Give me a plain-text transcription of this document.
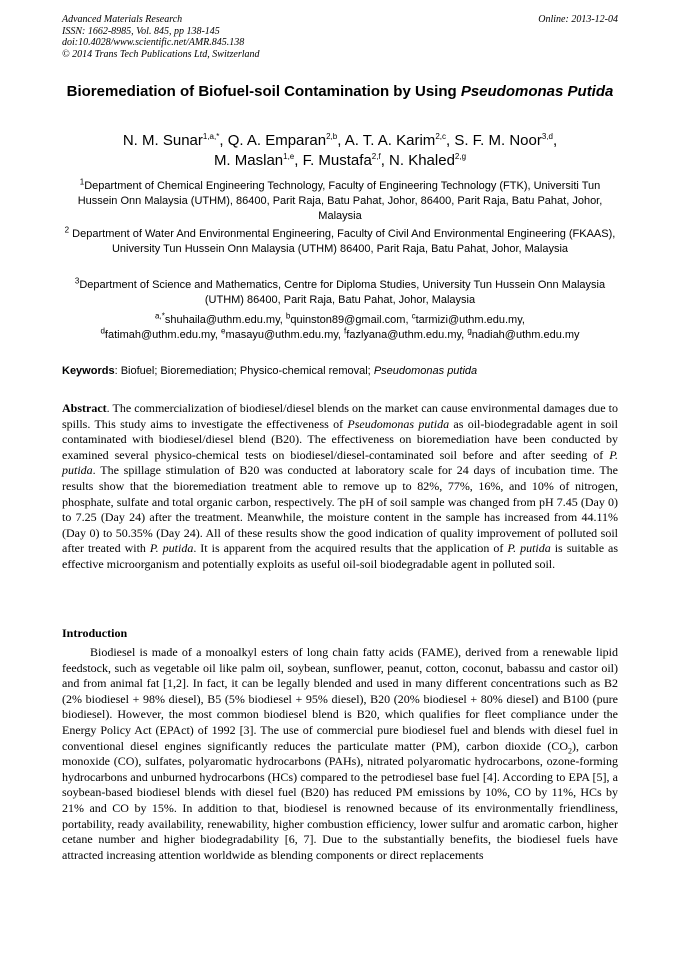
Advanced Materials Research
ISSN: 1662-8985, Vol. 845, pp 138-145
doi:10.4028/www.scientific.net/AMR.845.138
© 2014 Trans Tech Publications Ltd, Switzerland
Online: 2013-12-04
Bioremediation of Biofuel-soil Contamination by Using Pseudomonas Putida
N. M. Sunar$^{1,a,*}$, Q. A. Emparan$^{2,b}$, A. T. A. Karim$^{2,c}$, S. F. M. Noor$^{3,d}$,
M. Maslan$^{1,e}$, F. Mustafa$^{2,f}$, N. Khaled$^{2,g}$
$^1$Department of Chemical Engineering Technology, Faculty of Engineering Technology (FTK), Universiti Tun Hussein Onn Malaysia (UTHM), 86400, Parit Raja, Batu Pahat, Johor, 86400, Parit Raja, Batu Pahat, Johor, Malaysia
$^2$ Department of Water And Environmental Engineering, Faculty of Civil And Environmental Engineering (FKAAS), University Tun Hussein Onn Malaysia (UTHM) 86400, Parit Raja, Batu Pahat, Johor, Malaysia
$^3$Department of Science and Mathematics, Centre for Diploma Studies, University Tun Hussein Onn Malaysia (UTHM) 86400, Parit Raja, Batu Pahat, Johor, Malaysia
$^{a,*}$shuhaila@uthm.edu.my, $^b$quinston89@gmail.com, $^c$tarmizi@uthm.edu.my,
$^d$fatimah@uthm.edu.my, $^e$masayu@uthm.edu.my, $^f$fazlyana@uthm.edu.my, $^g$nadiah@uthm.edu.my
Keywords: Biofuel; Bioremediation; Physico-chemical removal; Pseudomonas putida
Abstract. The commercialization of biodiesel/diesel blends on the market can cause environmental damages due to spills. This study aims to investigate the effectiveness of Pseudomonas putida as oil-biodegradable agent in soil contaminated with biodiesel/diesel blend (B20). The effectiveness on bioremediation have been conducted by examined several physico-chemical tests on biodiesel/diesel-contaminated soil before and after seeding of P. putida. The spillage stimulation of B20 was conducted at laboratory scale for 24 days of incubation time. The results show that the bioremediation treatment able to remove up to 82%, 77%, 16%, and 10% of nitrogen, phosphate, sulfate and total organic carbon, respectively. The pH of soil sample was changed from pH 7.45 (Day 0) to 7.25 (Day 24) after the treatment. Meanwhile, the moisture content in the sample has increased from 44.11% (Day 0) to 50.35% (Day 24). All of these results show the good indication of quality improvement of polluted soil after treated with P. putida. It is apparent from the acquired results that the application of P. putida is suitable as effective microorganism and potentially exploits as useful oil-soil biodegradable agent in polluted soil.
Introduction
Biodiesel is made of a monoalkyl esters of long chain fatty acids (FAME), derived from a renewable lipid feedstock, such as vegetable oil like palm oil, soybean, sunflower, peanut, cotton, coconut, babassu and castor oil) and from animal fat [1,2]. In fact, it can be legally blended and used in many different concentrations such as B2 (2% biodiesel + 98% diesel), B5 (5% biodiesel + 95% diesel), B20 (20% biodiesel + 80% diesel) and B100 (pure biodiesel). However, the most common biodiesel blend is B20, which qualifies for fleet compliance under the Energy Policy Act (EPAct) of 1992 [3]. The use of commercial pure biodiesel fuel and blends with diesel fuel in conventional diesel engines significantly reduces the particulate matter (PM), carbon dioxide $(CO_2)$, carbon monoxide (CO), sulfates, polyaromatic hydrocarbons (PAHs), nitrated polyaromatic hydrocarbons, ozone-forming hydrocarbons and unburned hydrocarbons (HCs) compared to the petrodiesel base fuel [4]. According to EPA [5], a soybean-based biodiesel blends with diesel fuel (B20) has reduced PM emissions by 10%, CO by 11%, HCs by 21% and CO by 15%. In addition to that, biodiesel is renowned because of its environmentally friendliness, portability, ready availability, renewability, higher combustion efficiency, lower sulfur and aromatic carbon, higher cetane number and higher biodegradability [6, 7]. Due to the substantially benefits, the biodiesel fuels have attracted increasing attention worldwide as blending components or direct replacements
